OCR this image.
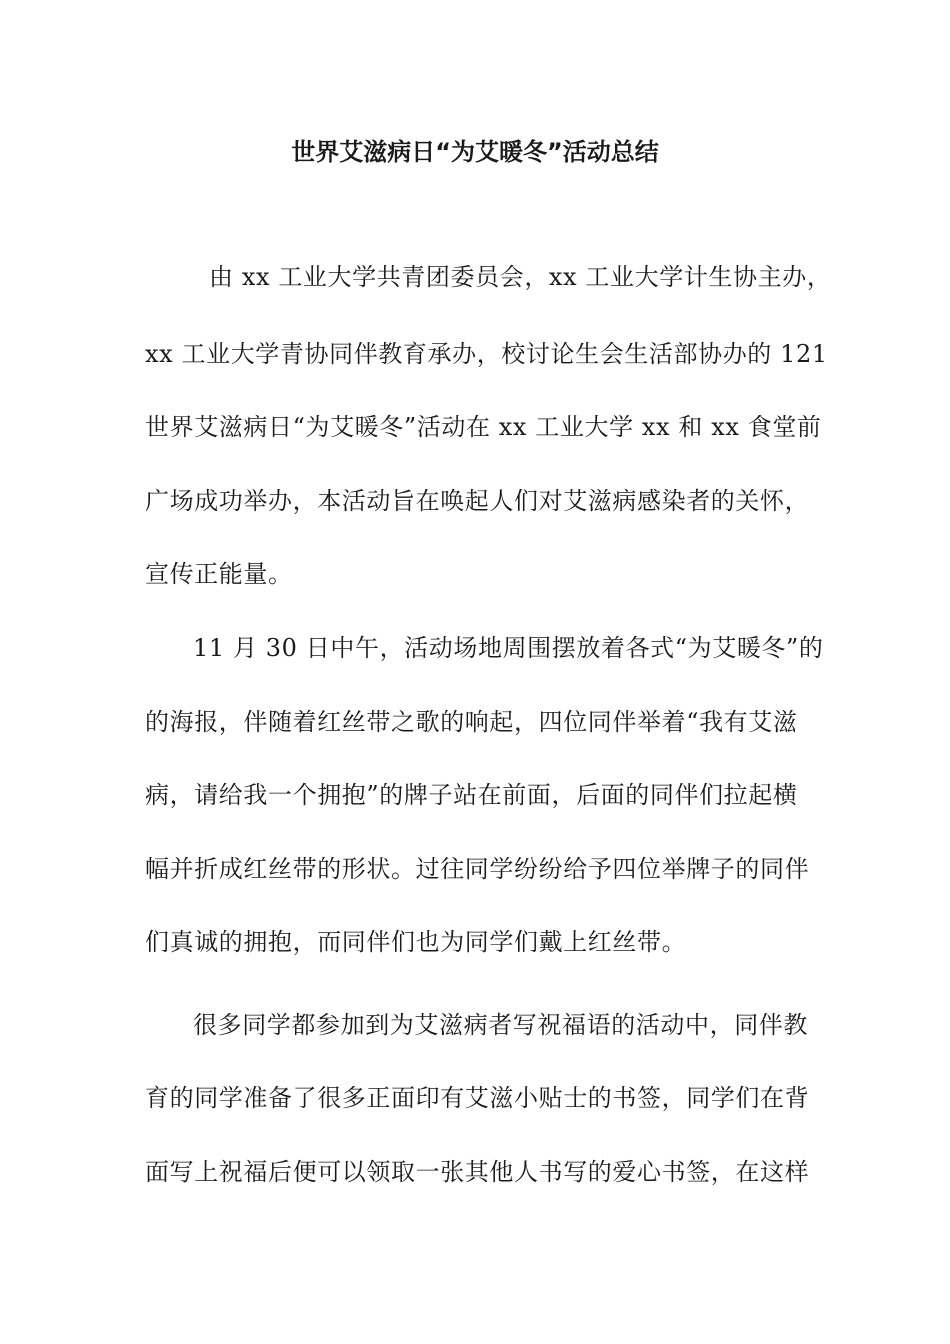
世界艾滋病日“为艾暖冬”活动总结

由 xx 工业大学共青团委员会，xx 工业大学计生协主办，

xx 工业大学青协同伴教育承办，校讨论生会生活部协办的 121

世界艾滋病日“为艾暖冬”活动在 xx 工业大学 xx 和 xx 食堂前

广场成功举办，本活动旨在唤起人们对艾滋病感染者的关怀，

宣传正能量。

11 月 30 日中午，活动场地周围摆放着各式“为艾暖冬”的

的海报，伴随着红丝带之歌的响起，四位同伴举着“我有艾滋

病，请给我一个拥抱”的牌子站在前面，后面的同伴们拉起横

幅并折成红丝带的形状。过往同学纷纷给予四位举牌子的同伴

们真诚的拥抱，而同伴们也为同学们戴上红丝带。

很多同学都参加到为艾滋病者写祝福语的活动中，同伴教

育的同学准备了很多正面印有艾滋小贴士的书签，同学们在背

面写上祝福后便可以领取一张其他人书写的爱心书签，在这样
